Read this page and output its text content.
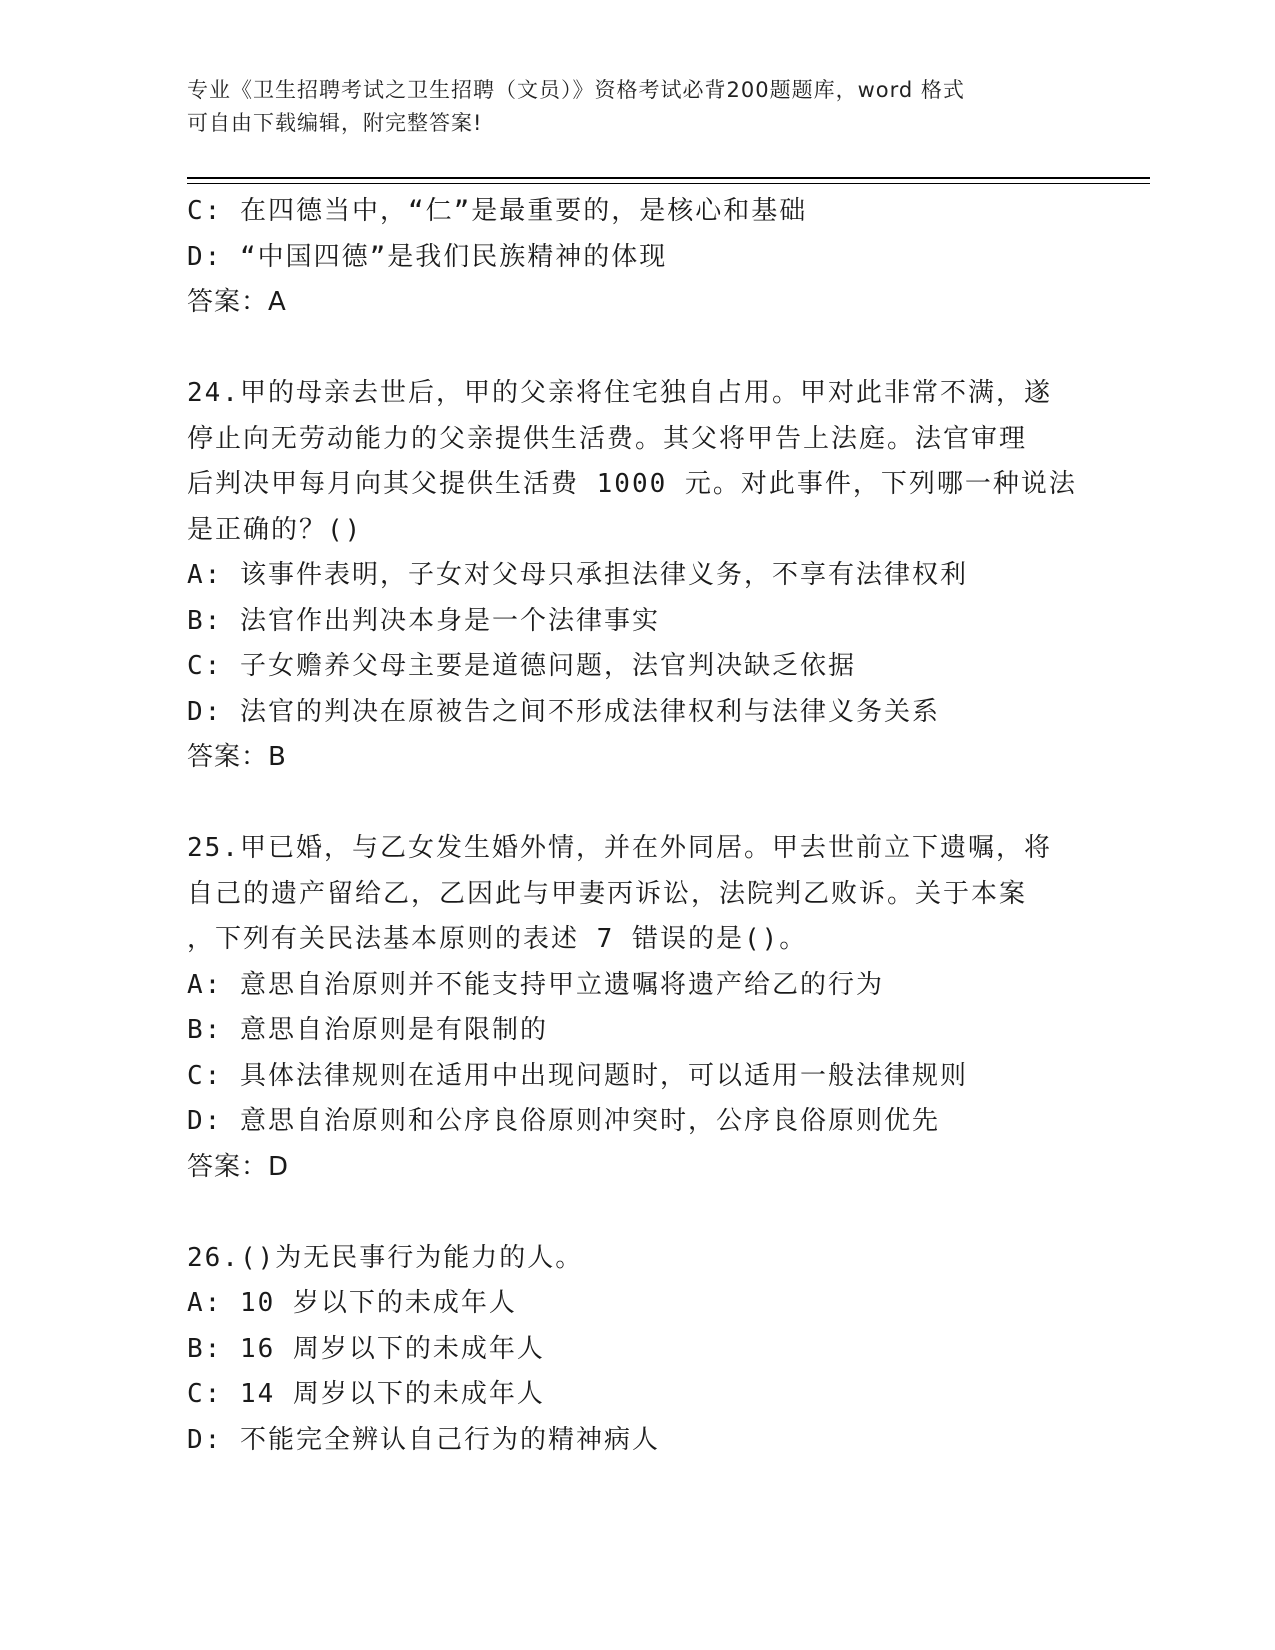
专业《卫生招聘考试之卫生招聘（文员）》资格考试必背200题题库，word 格式
可自由下载编辑，附完整答案!
C: 在四德当中，“仁”是最重要的，是核心和基础
D: “中国四德”是我们民族精神的体现
答案：A
24.甲的母亲去世后，甲的父亲将住宅独自占用。甲对此非常不满，遂
停止向无劳动能力的父亲提供生活费。其父将甲告上法庭。法官审理
后判决甲每月向其父提供生活费 1000 元。对此事件，下列哪一种说法
是正确的？()
A: 该事件表明，子女对父母只承担法律义务，不享有法律权利
B: 法官作出判决本身是一个法律事实
C: 子女赡养父母主要是道德问题，法官判决缺乏依据
D: 法官的判决在原被告之间不形成法律权利与法律义务关系
答案：B
25.甲已婚，与乙女发生婚外情，并在外同居。甲去世前立下遗嘱，将
自己的遗产留给乙，乙因此与甲妻丙诉讼，法院判乙败诉。关于本案
，下列有关民法基本原则的表述 7 错误的是()。
A: 意思自治原则并不能支持甲立遗嘱将遗产给乙的行为
B: 意思自治原则是有限制的
C: 具体法律规则在适用中出现问题时，可以适用一般法律规则
D: 意思自治原则和公序良俗原则冲突时，公序良俗原则优先
答案：D
26.()为无民事行为能力的人。
A: 10 岁以下的未成年人
B: 16 周岁以下的未成年人
C: 14 周岁以下的未成年人
D: 不能完全辨认自己行为的精神病人
